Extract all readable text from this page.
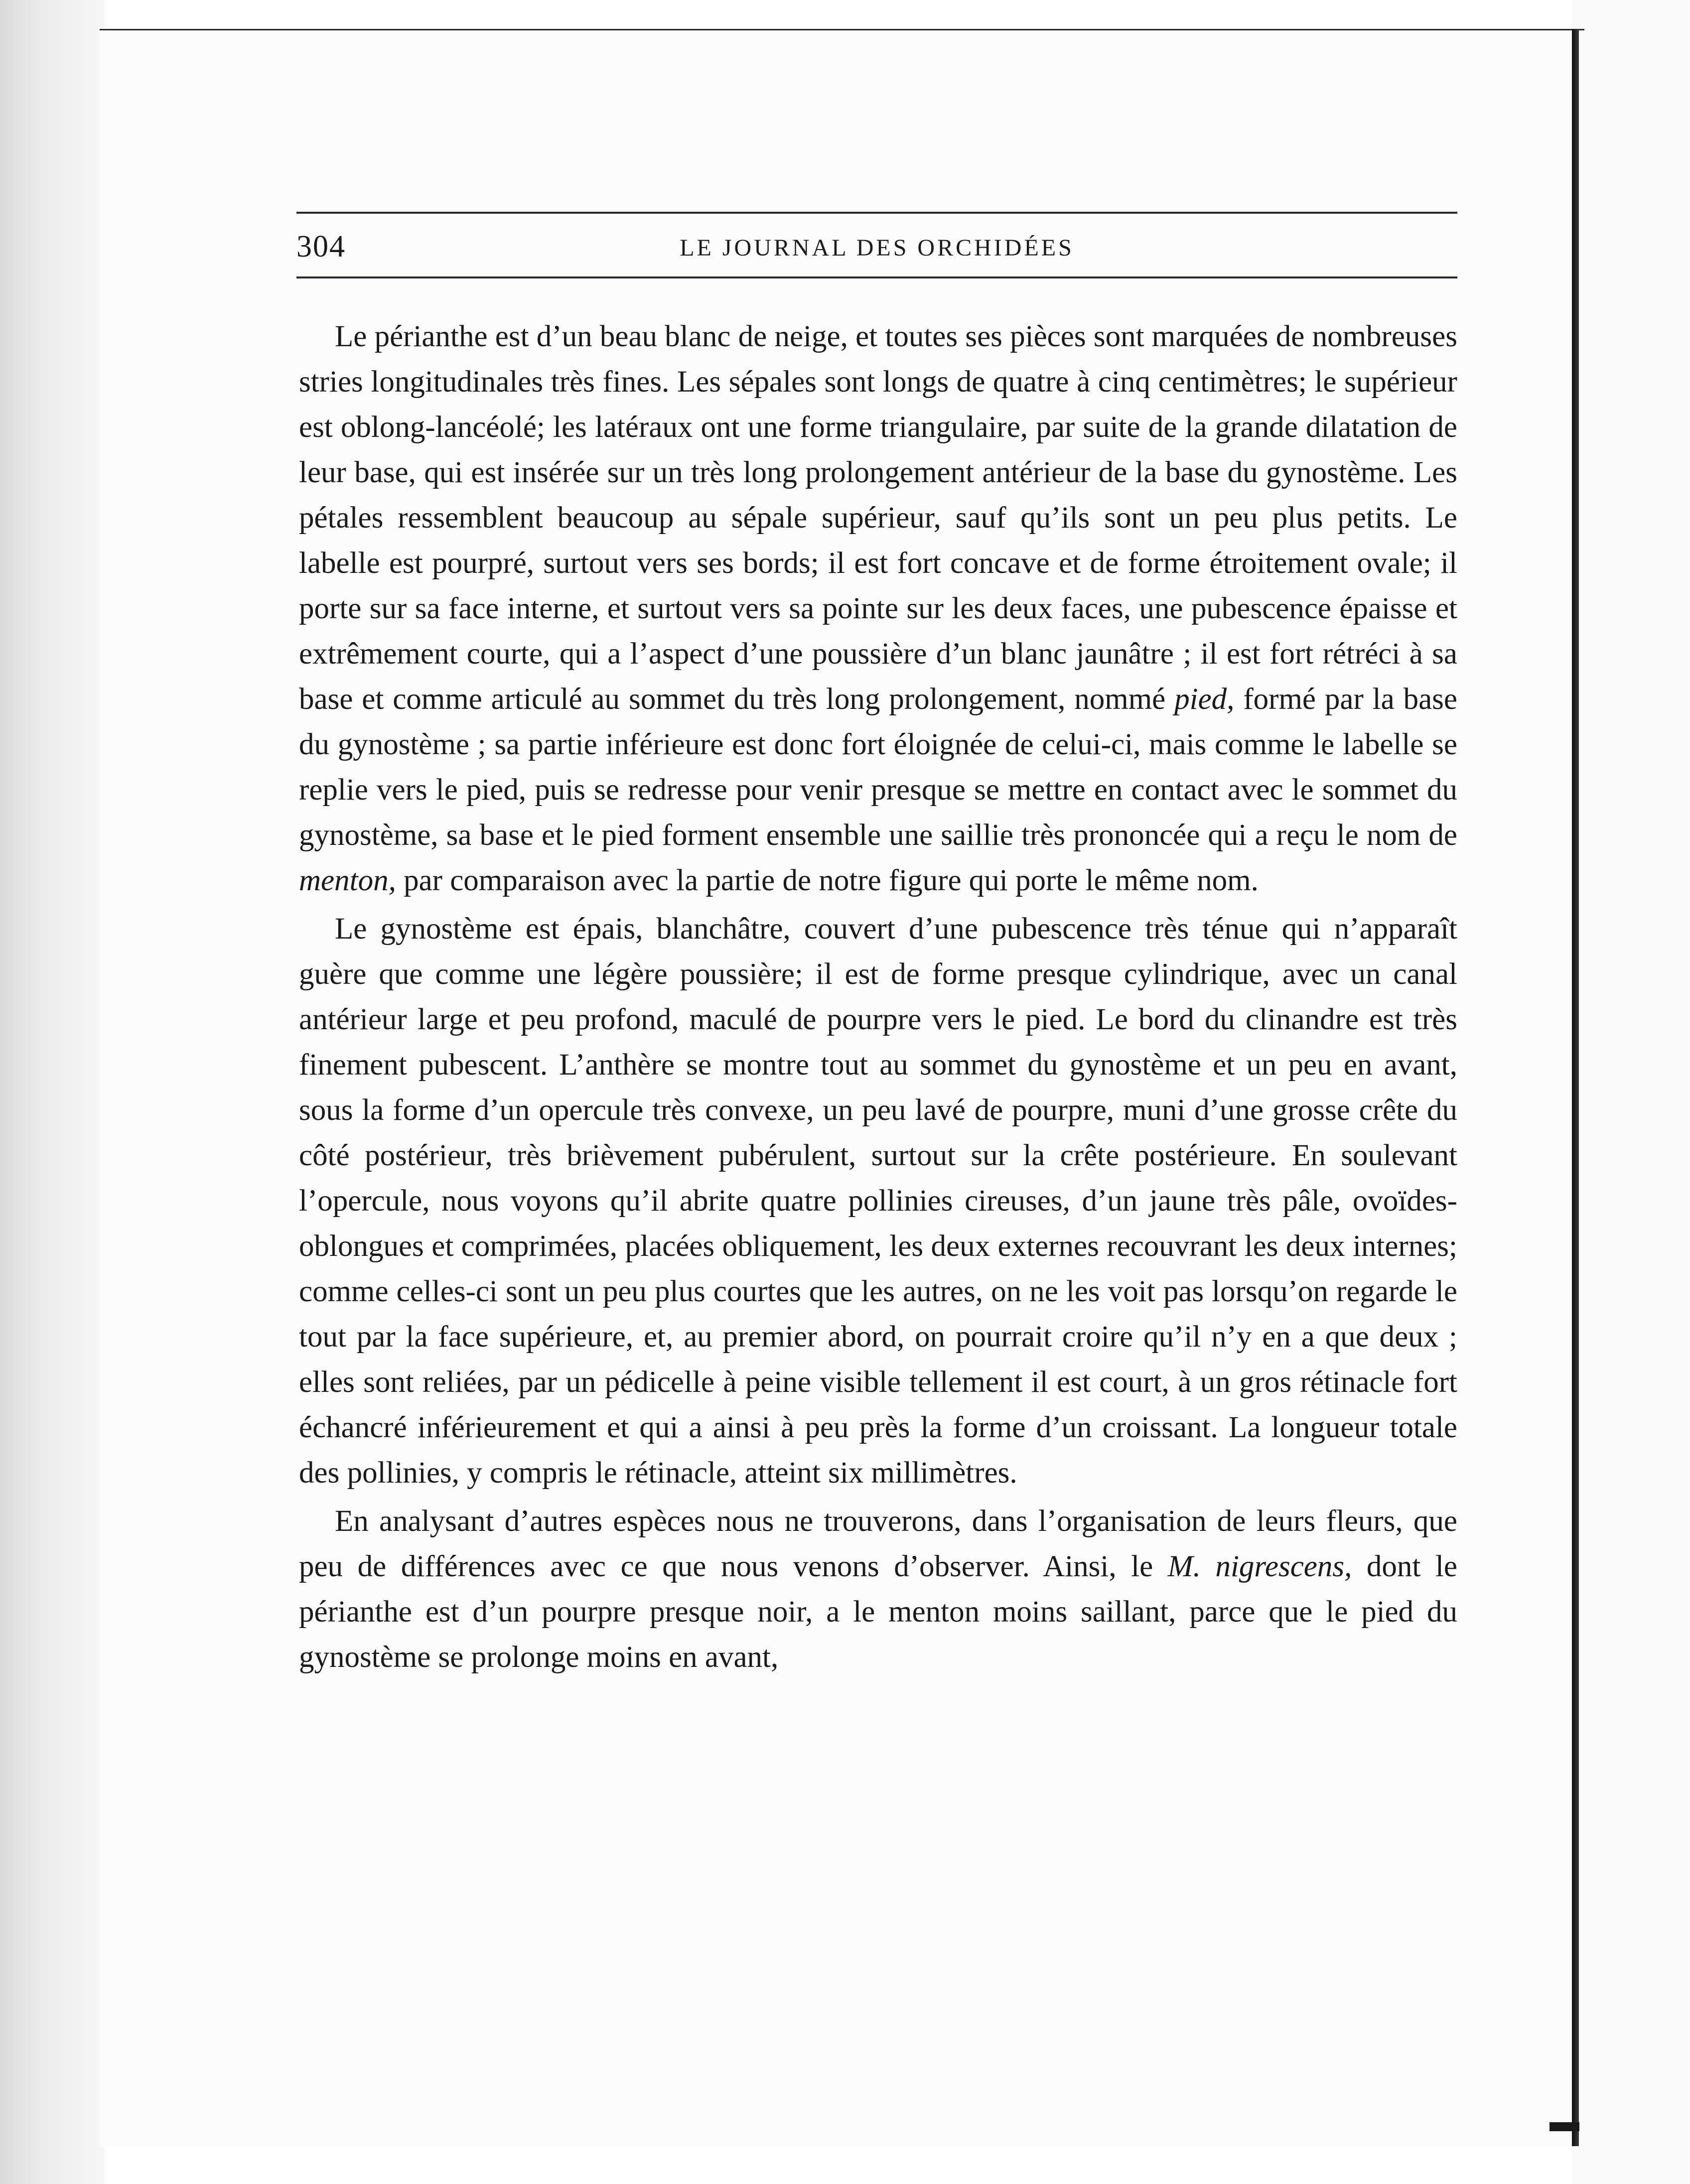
304	LE JOURNAL DES ORCHIDÉES

Le périanthe est d’un beau blanc de neige, et toutes ses pièces sont marquées de nombreuses stries longitudinales très fines. Les sépales sont longs de quatre à cinq centimètres; le supérieur est oblong-lancéolé; les latéraux ont une forme triangulaire, par suite de la grande dilatation de leur base, qui est insérée sur un très long prolongement antérieur de la base du gynostème. Les pétales ressemblent beaucoup au sépale supérieur, sauf qu’ils sont un peu plus petits. Le labelle est pourpré, surtout vers ses bords; il est fort concave et de forme étroitement ovale; il porte sur sa face interne, et surtout vers sa pointe sur les deux faces, une pubescence épaisse et extrêmement courte, qui a l’aspect d’une poussière d’un blanc jaunâtre ; il est fort rétréci à sa base et comme articulé au sommet du très long prolongement, nommé pied, formé par la base du gynostème ; sa partie inférieure est donc fort éloignée de celui-ci, mais comme le labelle se replie vers le pied, puis se redresse pour venir presque se mettre en contact avec le sommet du gynostème, sa base et le pied forment ensemble une saillie très prononcée qui a reçu le nom de menton, par comparaison avec la partie de notre figure qui porte le même nom.

Le gynostème est épais, blanchâtre, couvert d’une pubescence très ténue qui n’apparaît guère que comme une légère poussière; il est de forme presque cylindrique, avec un canal antérieur large et peu profond, maculé de pourpre vers le pied. Le bord du clinandre est très finement pubescent. L’anthère se montre tout au sommet du gynostème et un peu en avant, sous la forme d’un opercule très convexe, un peu lavé de pourpre, muni d’une grosse crête du côté postérieur, très brièvement pubérulent, surtout sur la crête postérieure. En soulevant l’opercule, nous voyons qu’il abrite quatre pollinies cireuses, d’un jaune très pâle, ovoïdes-oblongues et comprimées, placées obliquement, les deux externes recouvrant les deux internes; comme celles-ci sont un peu plus courtes que les autres, on ne les voit pas lorsqu’on regarde le tout par la face supérieure, et, au premier abord, on pourrait croire qu’il n’y en a que deux ; elles sont reliées, par un pédicelle à peine visible tellement il est court, à un gros rétinacle fort échancré inférieurement et qui a ainsi à peu près la forme d’un croissant. La longueur totale des pollinies, y compris le rétinacle, atteint six millimètres.

En analysant d’autres espèces nous ne trouverons, dans l’organisation de leurs fleurs, que peu de différences avec ce que nous venons d’observer. Ainsi, le M. nigrescens, dont le périanthe est d’un pourpre presque noir, a le menton moins saillant, parce que le pied du gynostème se prolonge moins en avant,
